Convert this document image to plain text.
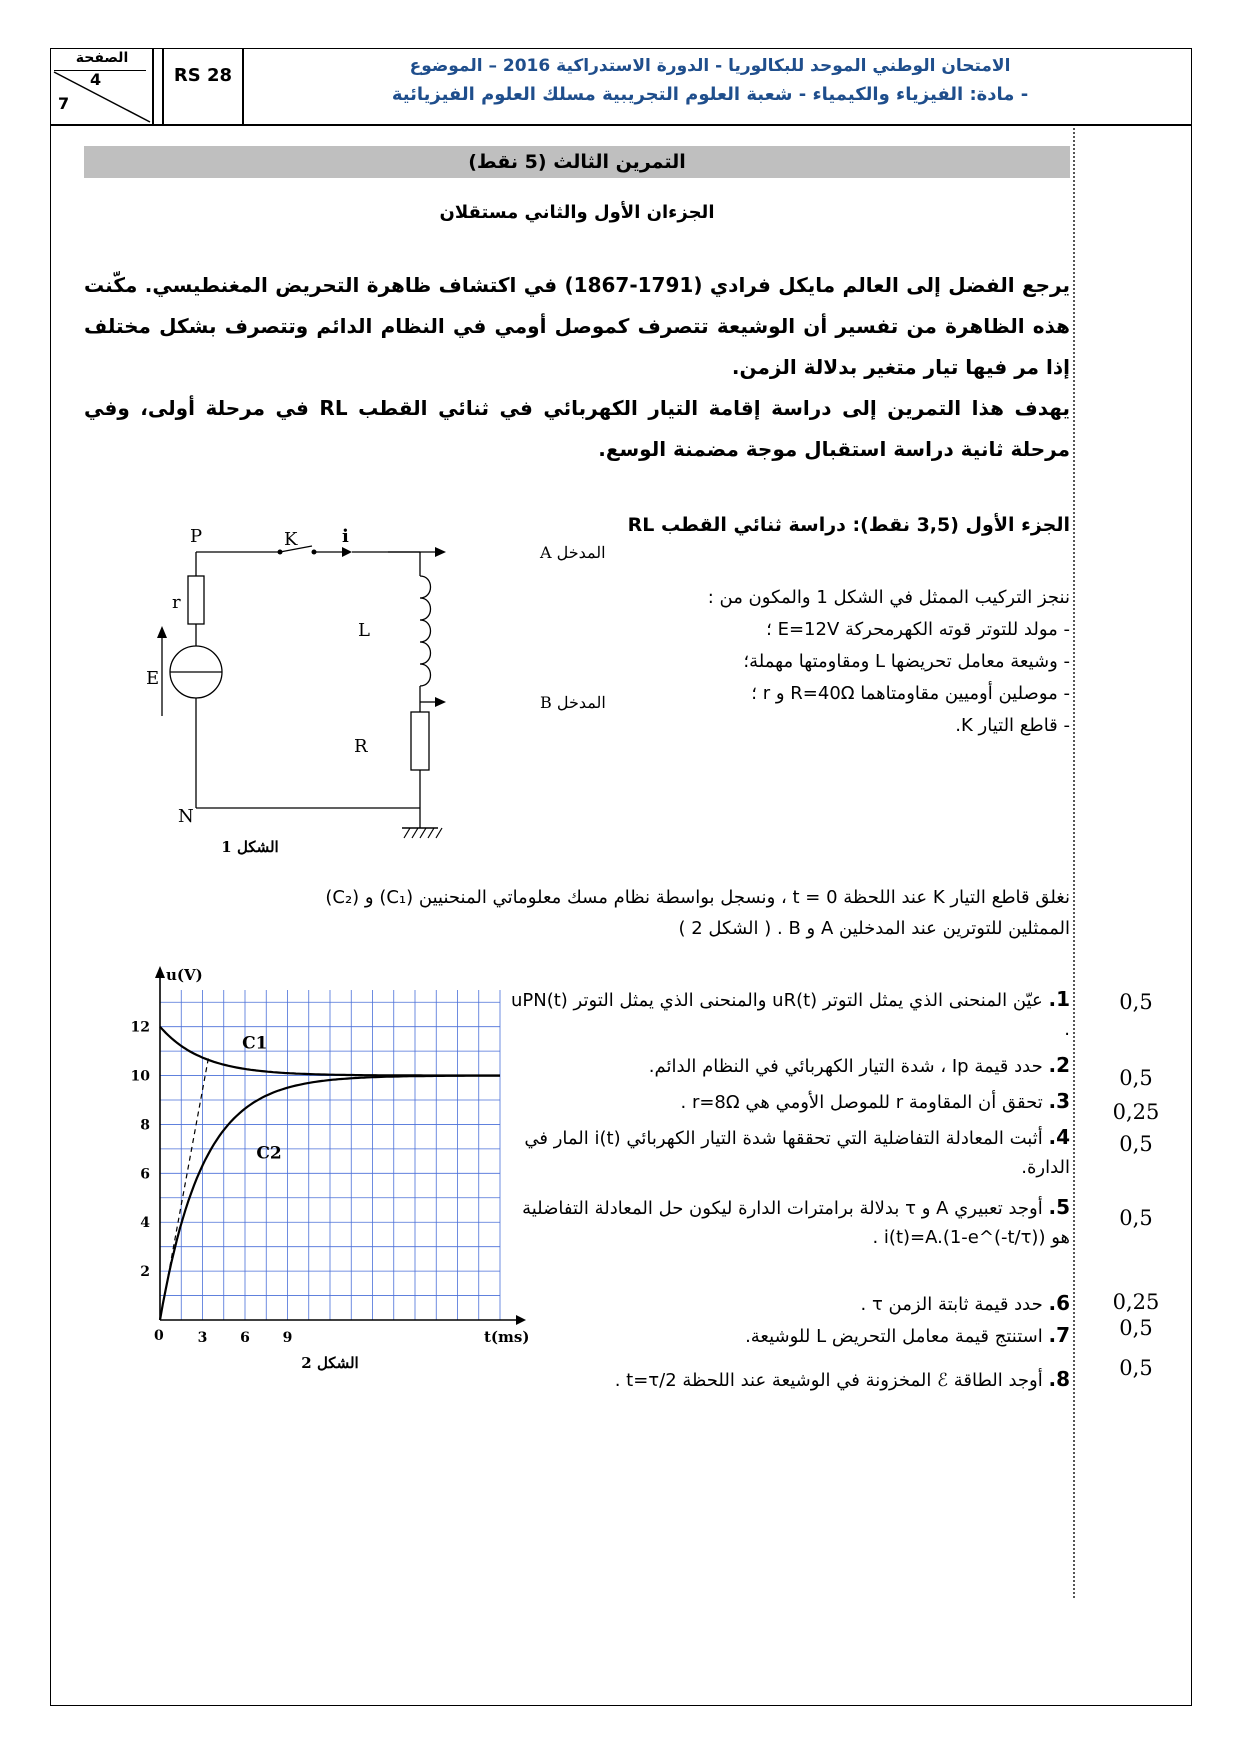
الصفحة
4
7
RS 28	الامتحان الوطني الموحد للبكالوريا - الدورة الاستدراكية 2016 – الموضوع
- مادة: الفيزياء والكيمياء - شعبة العلوم التجريبية مسلك العلوم الفيزيائية
التمرين الثالث (5 نقط)
الجزءان الأول والثاني مستقلان

يرجع الفضل إلى العالم مايكل فرادي (1791-1867) في اكتشاف ظاهرة التحريض المغنطيسي. مكّنت هذه الظاهرة من تفسير أن الوشيعة تتصرف كموصل أومي في النظام الدائم وتتصرف بشكل مختلف إذا مر فيها تيار متغير بدلالة الزمن.

يهدف هذا التمرين إلى دراسة إقامة التيار الكهربائي في ثنائي القطب RL في مرحلة أولى، وفي مرحلة ثانية دراسة استقبال موجة مضمنة الوسع.

الجزء الأول (3,5 نقط): دراسة ثنائي القطب RL
ننجز التركيب الممثل في الشكل 1 والمكون من :
- مولد للتوتر قوته الكهرمحركة E=12V ؛
- وشيعة معامل تحريضها L ومقاومتها مهملة؛
- موصلين أوميين مقاومتاهما R=40Ω و r ؛
- قاطع التيار K.
P	K i
r
E
L
R
N
المدخل A
المدخل B
الشكل 1
نغلق قاطع التيار K عند اللحظة t = 0 ، ونسجل بواسطة نظام مسك معلوماتي المنحنيين (C₁) و (C₂)
الممثلين للتوترين عند المدخلين A و B . ( الشكل 2 )
0 3 6 9
2
4
6
8
10
12
u(V)
t(ms)
C1
C2
الشكل 2
1. عيّن المنحنى الذي يمثل التوتر uR(t) والمنحنى الذي يمثل التوتر uPN(t) .
2. حدد قيمة Ip ، شدة التيار الكهربائي في النظام الدائم.
3. تحقق أن المقاومة r للموصل الأومي هي r=8Ω .
4. أثبت المعادلة التفاضلية التي تحققها شدة التيار الكهربائي i(t) المار في الدارة.
5. أوجد تعبيري A و τ بدلالة برامترات الدارة ليكون حل المعادلة التفاضلية هو i(t)=A.(1-e^(-t/τ)) .
6. حدد قيمة ثابتة الزمن τ .
7. استنتج قيمة معامل التحريض L للوشيعة.
8. أوجد الطاقة ℰ المخزونة في الوشيعة عند اللحظة t=τ/2 .
0,5
0,5
0,25
0,5
0,5
0,25
0,5
0,5
